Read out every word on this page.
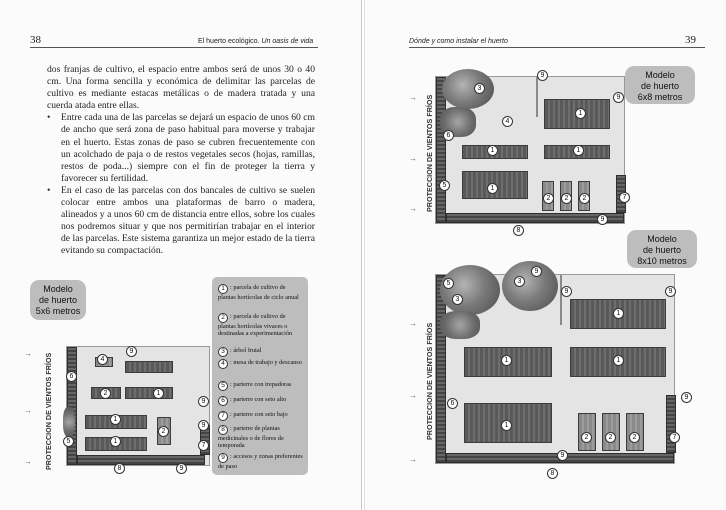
38	El huerto ecológico. Un oasis de vida

dos franjas de cultivo, el espacio entre ambos será de unos 30 o 40 cm. Una forma sencilla y económica de delimitar las parcelas de cultivo es mediante estacas metálicas o de madera tratada y una cuerda atada entre ellas.

• Entre cada una de las parcelas se dejará un espacio de unos 60 cm de ancho que será zona de paso habitual para moverse y trabajar en el huerto. Estas zonas de paso se cubren frecuentemente con un acolchado de paja o de restos vegetales secos (hojas, ramillas, restos de poda...) siempre con el fin de proteger la tierra y favorecer su fertilidad.

• En el caso de las parcelas con dos bancales de cultivo se suelen colocar entre ambos una plataformas de barro o madera, alineados y a unos 60 cm de distancia entre ellos, sobre los cuales nos podremos situar y que nos permitirían trabajar en el interior de las parcelas. Este sistema garantiza un mejor estado de la tierra evitando su compactación.

Modelo
de huerto
5x6 metros
PROTECCION DE VIENTOS FRÍOS
→
→
→
9
4
6
2	1
2
9
9
5
1
7
8	9
1
1 : parcela de cultivo de plantas hortícolas de ciclo anual
2 : parcela de cultivo de plantas hortícolas vivaces o destinadas a experimentación
3 : árbol frutal
4 : mesa de trabajo y descanso
5 : parterre con trepadoras
6 : parterre con seto alto
7 : parterre con seto bajo
8 : parterre de plantas medicinales o de flores de temporada
9 : accesos y zonas preferentes de paso
Dónde y como instalar el huerto	39
Modelo
de huerto
6x8 metros
Modelo
de huerto
8x10 metros
PROTECCION DE VIENTOS FRÍOS
PROTECCION DE VIENTOS FRÍOS
→
→
→
→
→
→
9
3
9
1
4
6
1	1
1
2	2	2	7
5
9
8
9
5
3
3
9
1
9
1	1
6
9
1
2	2	2	7
9
8
